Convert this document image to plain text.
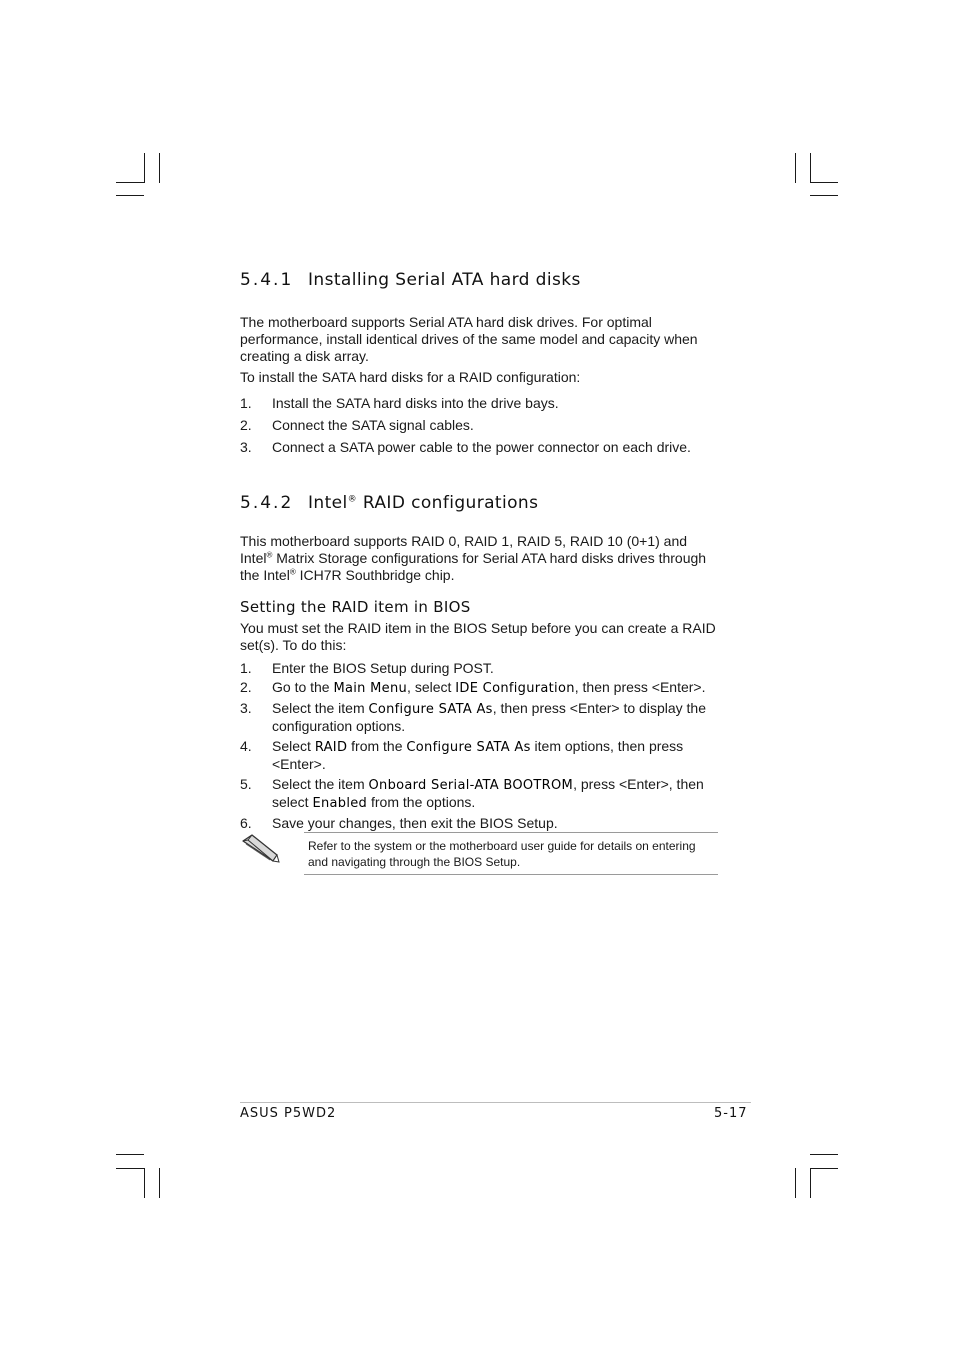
5.4.1 Installing Serial ATA hard disks

The motherboard supports Serial ATA hard disk drives. For optimal performance, install identical drives of the same model and capacity when creating a disk array.

To install the SATA hard disks for a RAID configuration:

1. Install the SATA hard disks into the drive bays.
2. Connect the SATA signal cables.
3. Connect a SATA power cable to the power connector on each drive.
5.4.2 Intel® RAID configurations

This motherboard supports RAID 0, RAID 1, RAID 5, RAID 10 (0+1) and Intel® Matrix Storage configurations for Serial ATA hard disks drives through the Intel® ICH7R Southbridge chip.

Setting the RAID item in BIOS

You must set the RAID item in the BIOS Setup before you can create a RAID set(s). To do this:

1. Enter the BIOS Setup during POST.
2. Go to the Main Menu, select IDE Configuration, then press <Enter>.
3. Select the item Configure SATA As, then press <Enter> to display the configuration options.
4. Select RAID from the Configure SATA As item options, then press <Enter>.
5. Select the item Onboard Serial-ATA BOOTROM, press <Enter>, then select Enabled from the options.
6. Save your changes, then exit the BIOS Setup.

Refer to the system or the motherboard user guide for details on entering and navigating through the BIOS Setup.

ASUS P5WD2	5-17
